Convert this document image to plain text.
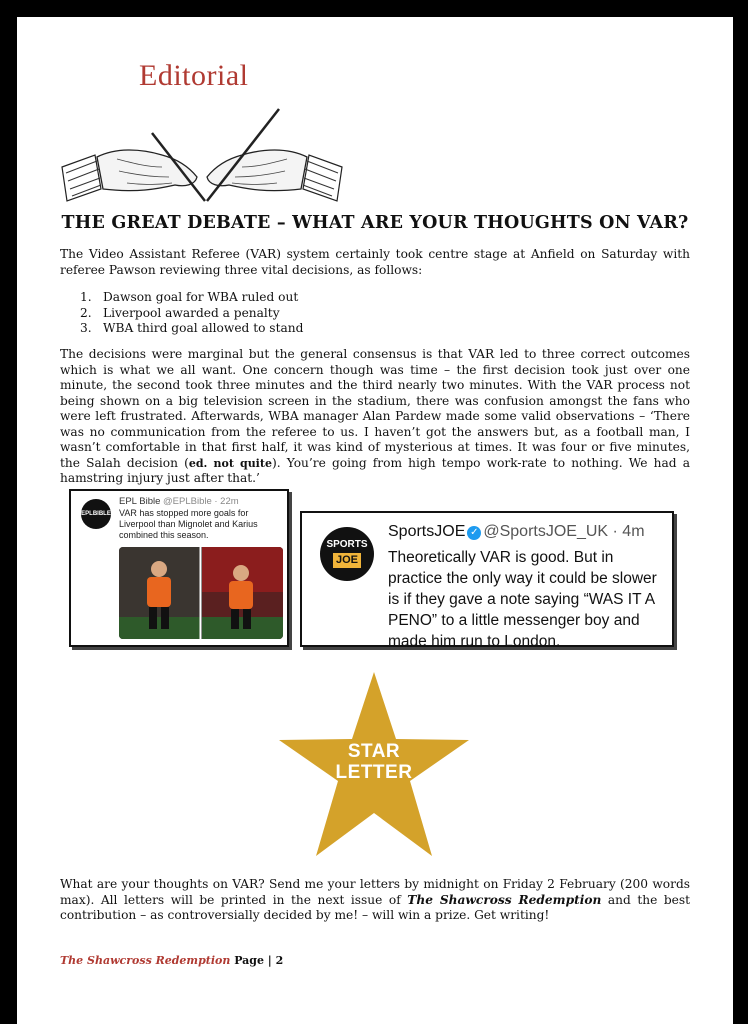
Editorial
THE GREAT DEBATE – WHAT ARE YOUR THOUGHTS ON VAR?
The Video Assistant Referee (VAR) system certainly took centre stage at Anfield on Saturday with referee Pawson reviewing three vital decisions, as follows:
1. Dawson goal for WBA ruled out
2. Liverpool awarded a penalty
3. WBA third goal allowed to stand
The decisions were marginal but the general consensus is that VAR led to three correct outcomes which is what we all want. One concern though was time – the first decision took just over one minute, the second took three minutes and the third nearly two minutes. With the VAR process not being shown on a big television screen in the stadium, there was confusion amongst the fans who were left frustrated. Afterwards, WBA manager Alan Pardew made some valid observations – ‘There was no communication from the referee to us. I haven’t got the answers but, as a football man, I wasn’t comfortable in that first half, it was kind of mysterious at times. It was four or five minutes, the Salah decision (ed. not quite). You’re going from high tempo work-rate to nothing. We had a hamstring injury just after that.’
EPLBIBLE
EPL Bible @EPLBible · 22m
VAR has stopped more goals for Liverpool than Mignolet and Karius combined this season.
SPORTS
JOE
SportsJOE ✓ @SportsJOE_UK · 4m
Theoretically VAR is good. But in practice the only way it could be slower is if they gave a note saying “WAS IT A PENO” to a little messenger boy and made him run to London.
STAR
LETTER
What are your thoughts on VAR? Send me your letters by midnight on Friday 2 February (200 words max). All letters will be printed in the next issue of The Shawcross Redemption and the best contribution – as controversially decided by me! – will win a prize. Get writing!
The Shawcross Redemption Page | 2
